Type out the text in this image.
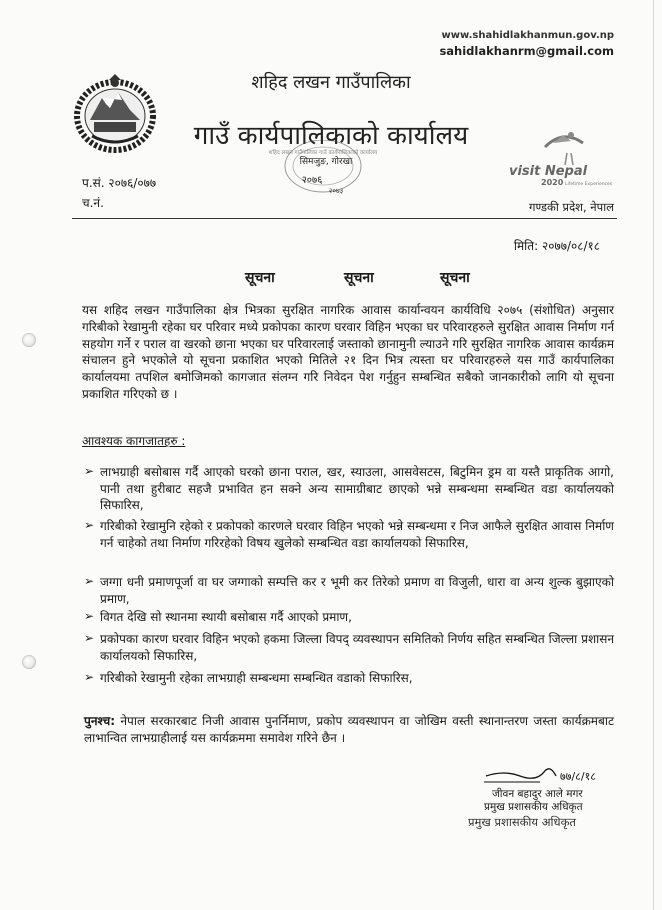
www.shahidlakhanmun.gov.np
sahidlakhanrm@gmail.com
शहिद लखन गाउँपालिका
गाउँ कार्यपालिकाको कार्यालय
शहिद लखन गाउँपालिका गाउँ कार्यपालिकाको कार्यालय
सिमजुङ, गोरखा
२०७६
२०७३
visit Nepal
2020 Lifetime Experiences
प.सं. २०७६/०७७
च.नं.	गण्डकी प्रदेश, नेपाल
मिति: २०७७/०८/१८
सूचना	सूचना	सूचना
यस शहिद लखन गाउँपालिका क्षेत्र भित्रका सुरक्षित नागरिक आवास कार्यान्वयन कार्यविधि २०७५ (संशोधित) अनुसार गरिबीको रेखामुनी रहेका घर परिवार मध्ये प्रकोपका कारण घरवार विहिन भएका घर परिवारहरुले सुरक्षित आवास निर्माण गर्न सहयोग गर्ने र पराल वा खरको छाना भएका घर परिवारलाई जस्ताको छानामुनी ल्याउने गरि सुरक्षित नागरिक आवास कार्यक्रम संचालन हुने भएकोले यो सूचना प्रकाशित भएको मितिले २१ दिन भित्र त्यस्ता घर परिवारहरुले यस गाउँ कार्यपालिका कार्यालयमा तपशिल बमोजिमको कागजात संलग्न गरि निवेदन पेश गर्नुहुन सम्बन्धित सबैको जानकारीको लागि यो सूचना प्रकाशित गरिएको छ ।
आवश्यक कागजातहरु :
➢ लाभग्राही बसोबास गर्दै आएको घरको छाना पराल, खर, स्याउला, आसवेसटस, बिटुमिन ड्रम वा यस्तै प्राकृतिक आगो, पानी तथा हुरीबाट सहजै प्रभावित हन सक्ने अन्य सामाग्रीबाट छाएको भन्ने सम्बन्धमा सम्बन्धित वडा कार्यालयको सिफारिस,
➢ गरिबीको रेखामुनि रहेको र प्रकोपको कारणले घरवार विहिन भएको भन्ने सम्बन्धमा र निज आफैले सुरक्षित आवास निर्माण गर्न चाहेको तथा निर्माण गरिरहेको विषय खुलेको सम्बन्धित वडा कार्यालयको सिफारिस,
➢ जग्गा धनी प्रमाणपूर्जा वा घर जग्गाको सम्पत्ति कर र भूमी कर तिरेको प्रमाण वा विजुली, धारा वा अन्य शुल्क बुझाएको प्रमाण,
➢ विगत देखि सो स्थानमा स्थायी बसोबास गर्दै आएको प्रमाण,
➢ प्रकोपका कारण घरवार विहिन भएको हकमा जिल्ला विपद् व्यवस्थापन समितिको निर्णय सहित सम्बन्धित जिल्ला प्रशासन कार्यालयको सिफारिस,
➢ गरिबीको रेखामुनी रहेका लाभग्राही सम्बन्धमा सम्बन्धित वडाको सिफारिस,
पुनश्च: नेपाल सरकारबाट निजी आवास पुनर्निमाण, प्रकोप व्यवस्थापन वा जोखिम वस्ती स्थानान्तरण जस्ता कार्यक्रमबाट लाभान्वित लाभग्राहीलाई यस कार्यक्रममा समावेश गरिने छैन ।
७७/८/१८
जीवन बहादुर आले मगर
प्रमुख प्रशासकीय अधिकृत
प्रमुख प्रशासकीय अधिकृत
